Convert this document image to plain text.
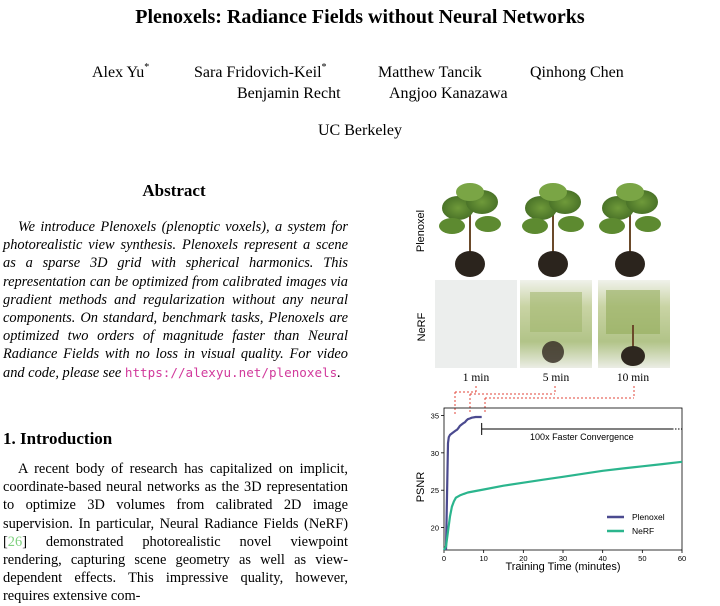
Plenoxels: Radiance Fields without Neural Networks
Alex Yu*	Sara Fridovich-Keil*	Matthew Tancik	Qinhong Chen
Benjamin Recht	Angjoo Kanazawa
UC Berkeley
Abstract
We introduce Plenoxels (plenoptic voxels), a system for photorealistic view synthesis. Plenoxels represent a scene as a sparse 3D grid with spherical harmonics. This representation can be optimized from calibrated images via gradient methods and regularization without any neural components. On standard, benchmark tasks, Plenoxels are optimized two orders of magnitude faster than Neural Radiance Fields with no loss in visual quality. For video and code, please see https://alexyu.net/plenoxels.
1. Introduction
A recent body of research has capitalized on implicit, coordinate-based neural networks as the 3D representation to optimize 3D volumes from calibrated 2D image supervision. In particular, Neural Radiance Fields (NeRF) [26] demonstrated photorealistic novel viewpoint rendering, capturing scene geometry as well as view-dependent effects. This impressive quality, however, requires extensive com-
Plenoxel
NeRF
1 min	5 min	10 min
0	10	20	30	40	50	60
20
25
30
35
100x Faster Convergence
Training Time (minutes)
PSNR
Plenoxel
NeRF
